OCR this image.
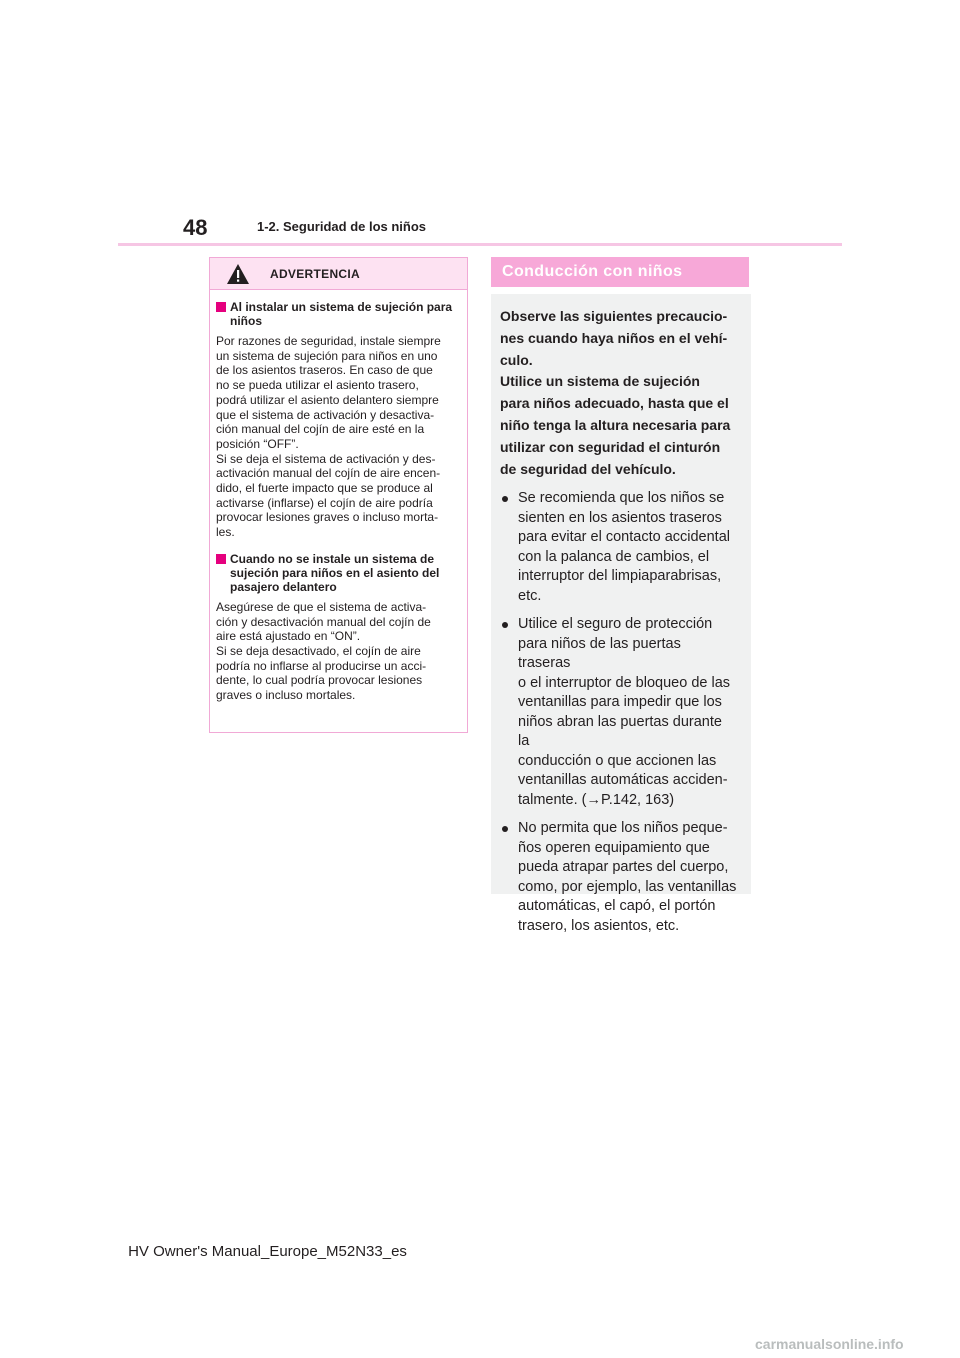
48	1-2. Seguridad de los niños
ADVERTENCIA
Al instalar un sistema de sujeción para niños
Por razones de seguridad, instale siempre
un sistema de sujeción para niños en uno
de los asientos traseros. En caso de que
no se pueda utilizar el asiento trasero,
podrá utilizar el asiento delantero siempre
que el sistema de activación y desactiva-
ción manual del cojín de aire esté en la
posición “OFF”.
Si se deja el sistema de activación y des-
activación manual del cojín de aire encen-
dido, el fuerte impacto que se produce al
activarse (inflarse) el cojín de aire podría
provocar lesiones graves o incluso morta-
les.
Cuando no se instale un sistema de sujeción para niños en el asiento del pasajero delantero
Asegúrese de que el sistema de activa-
ción y desactivación manual del cojín de
aire está ajustado en “ON”.
Si se deja desactivado, el cojín de aire
podría no inflarse al producirse un acci-
dente, lo cual podría provocar lesiones
graves o incluso mortales.
Conducción con niños
Observe las siguientes precaucio-
nes cuando haya niños en el vehí-
culo.
Utilice un sistema de sujeción
para niños adecuado, hasta que el
niño tenga la altura necesaria para
utilizar con seguridad el cinturón
de seguridad del vehículo.
Se recomienda que los niños se
sienten en los asientos traseros
para evitar el contacto accidental
con la palanca de cambios, el
interruptor del limpiaparabrisas,
etc.
Utilice el seguro de protección
para niños de las puertas traseras
o el interruptor de bloqueo de las
ventanillas para impedir que los
niños abran las puertas durante la
conducción o que accionen las
ventanillas automáticas acciden-
talmente. (→P.142, 163)
No permita que los niños peque-
ños operen equipamiento que
pueda atrapar partes del cuerpo,
como, por ejemplo, las ventanillas
automáticas, el capó, el portón
trasero, los asientos, etc.
HV Owner's Manual_Europe_M52N33_es
carmanualsonline.info
